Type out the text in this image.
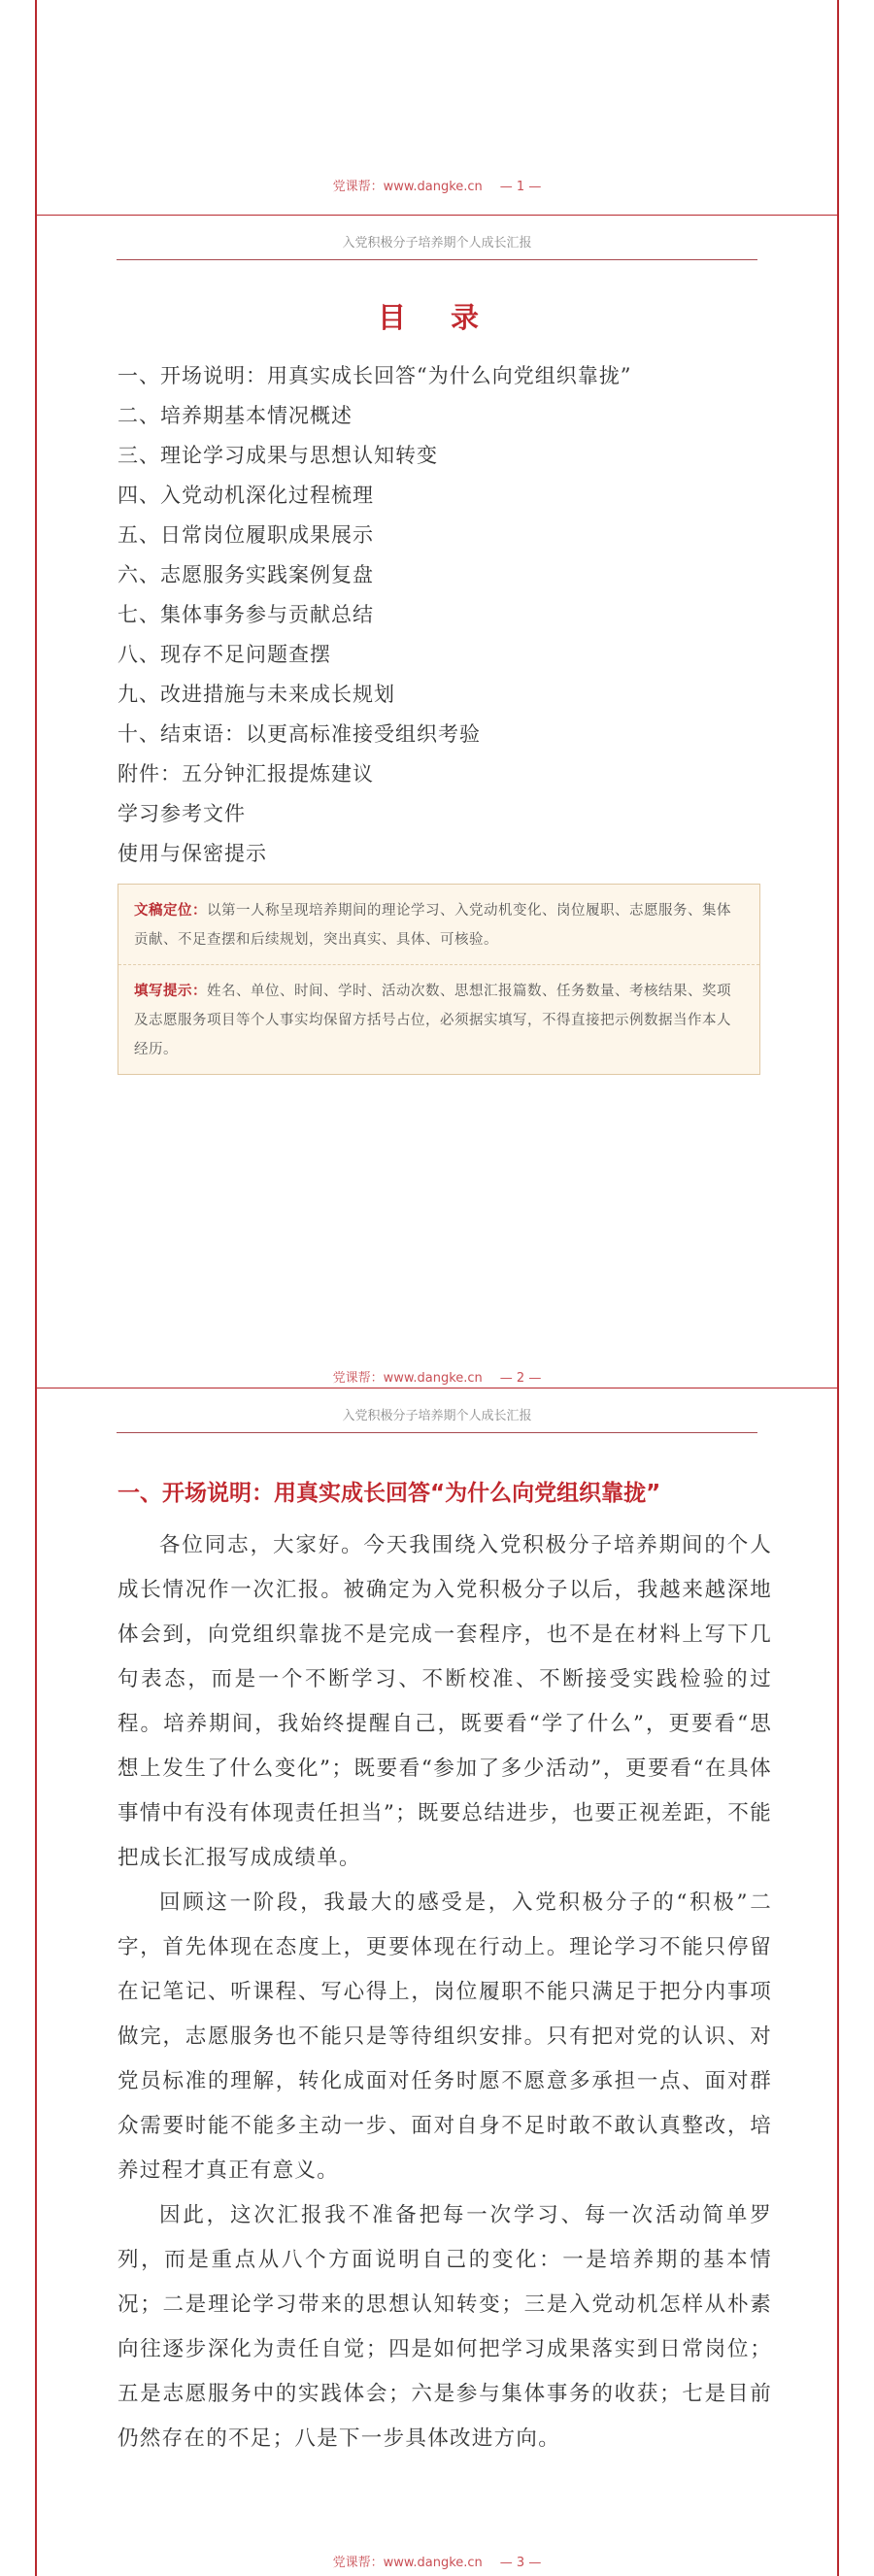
党课帮：www.dangke.cn — 1 —
入党积极分子培养期个人成长汇报
目 录
一、开场说明：用真实成长回答“为什么向党组织靠拢”
二、培养期基本情况概述
三、理论学习成果与思想认知转变
四、入党动机深化过程梳理
五、日常岗位履职成果展示
六、志愿服务实践案例复盘
七、集体事务参与贡献总结
八、现存不足问题查摆
九、改进措施与未来成长规划
十、结束语：以更高标准接受组织考验
附件：五分钟汇报提炼建议
学习参考文件
使用与保密提示
文稿定位：以第一人称呈现培养期间的理论学习、入党动机变化、岗位履职、志愿服务、集体贡献、不足查摆和后续规划，突出真实、具体、可核验。
填写提示：姓名、单位、时间、学时、活动次数、思想汇报篇数、任务数量、考核结果、奖项及志愿服务项目等个人事实均保留方括号占位，必须据实填写，不得直接把示例数据当作本人经历。
党课帮：www.dangke.cn — 2 —
入党积极分子培养期个人成长汇报
一、开场说明：用真实成长回答“为什么向党组织靠拢”

各位同志，大家好。今天我围绕入党积极分子培养期间的个人成长情况作一次汇报。被确定为入党积极分子以后，我越来越深地体会到，向党组织靠拢不是完成一套程序，也不是在材料上写下几句表态，而是一个不断学习、不断校准、不断接受实践检验的过程。培养期间，我始终提醒自己，既要看“学了什么”，更要看“思想上发生了什么变化”；既要看“参加了多少活动”，更要看“在具体事情中有没有体现责任担当”；既要总结进步，也要正视差距，不能把成长汇报写成成绩单。

回顾这一阶段，我最大的感受是，入党积极分子的“积极”二字，首先体现在态度上，更要体现在行动上。理论学习不能只停留在记笔记、听课程、写心得上，岗位履职不能只满足于把分内事项做完，志愿服务也不能只是等待组织安排。只有把对党的认识、对党员标准的理解，转化成面对任务时愿不愿意多承担一点、面对群众需要时能不能多主动一步、面对自身不足时敢不敢认真整改，培养过程才真正有意义。

因此，这次汇报我不准备把每一次学习、每一次活动简单罗列，而是重点从八个方面说明自己的变化：一是培养期的基本情况；二是理论学习带来的思想认知转变；三是入党动机怎样从朴素向往逐步深化为责任自觉；四是如何把学习成果落实到日常岗位；五是志愿服务中的实践体会；六是参与集体事务的收获；七是目前仍然存在的不足；八是下一步具体改进方向。

党课帮：www.dangke.cn — 3 —
